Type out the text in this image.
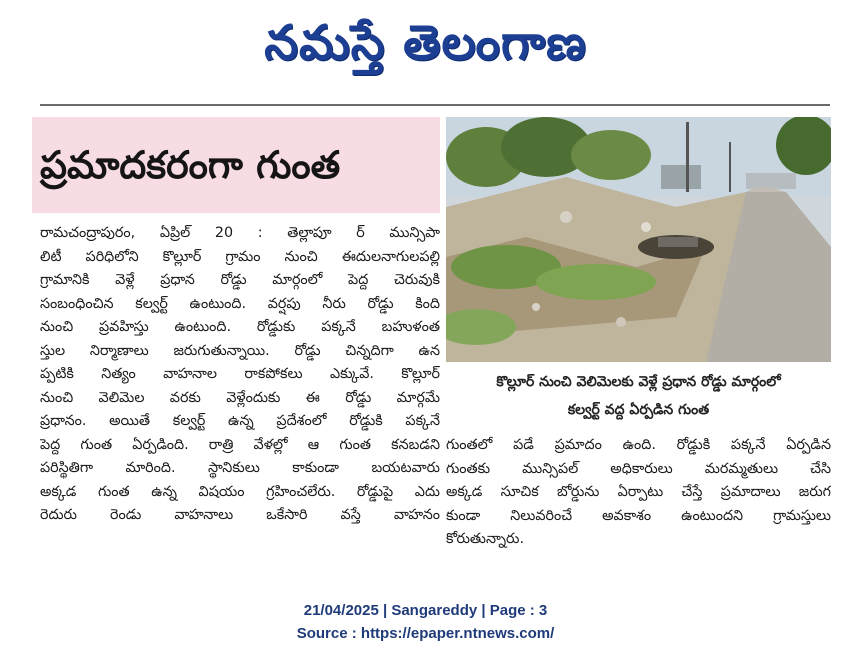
నమస్తే తెలంగాణ
ప్రమాదకరంగా గుంత
కొల్లూర్ నుంచి వెలిమెలకు వెళ్లే ప్రధాన రోడ్డు మార్గంలో
కల్వర్ట్ వద్ద ఏర్పడిన గుంత
రామచంద్రాపురం, ఏప్రిల్ 20 : తెల్లాపూ ర్ మున్సిపా
లిటీ పరిధిలోని కొల్లూర్ గ్రామం నుంచి ఈదులనాగులపల్లి
గ్రామానికి వెళ్లే ప్రధాన రోడ్డు మార్గంలో పెద్ద చెరువుకి
సంబంధించిన కల్వర్ట్ ఉంటుంది. వర్షపు నీరు రోడ్డు కింది
నుంచి ప్రవహిస్తు ఉంటుంది. రోడ్డుకు పక్కనే బహుళంత
స్తుల నిర్మాణాలు జరుగుతున్నాయి. రోడ్డు చిన్నదిగా ఉన
ప్పటికి నిత్యం వాహనాల రాకపోకలు ఎక్కువే. కొల్లూర్
నుంచి వెలిమెల వరకు వెళ్లేందుకు ఈ రోడ్డు మార్గమే
ప్రధానం. అయితే కల్వర్ట్ ఉన్న ప్రదేశంలో రోడ్డుకి పక్కనే
పెద్ద గుంత ఏర్పడింది. రాత్రి వేళల్లో ఆ గుంత కనబడని
పరిస్థితిగా మారింది. స్థానికులు కాకుండా బయటవారు
అక్కడ గుంత ఉన్న విషయం గ్రహించలేరు. రోడ్డుపై ఎదు
రెదురు రెండు వాహనాలు ఒకేసారి వస్తే వాహనం
గుంతలో పడే ప్రమాదం ఉంది. రోడ్డుకి పక్కనే ఏర్పడిన
గుంతకు మున్సిపల్ అధికారులు మరమ్మతులు చేసి
అక్కడ సూచిక బోర్డును ఏర్పాటు చేస్తే ప్రమాదాలు జరుగ
కుండా నిలువరించే అవకాశం ఉంటుందని గ్రామస్తులు
కోరుతున్నారు.
21/04/2025 | Sangareddy | Page : 3
Source : https://epaper.ntnews.com/
